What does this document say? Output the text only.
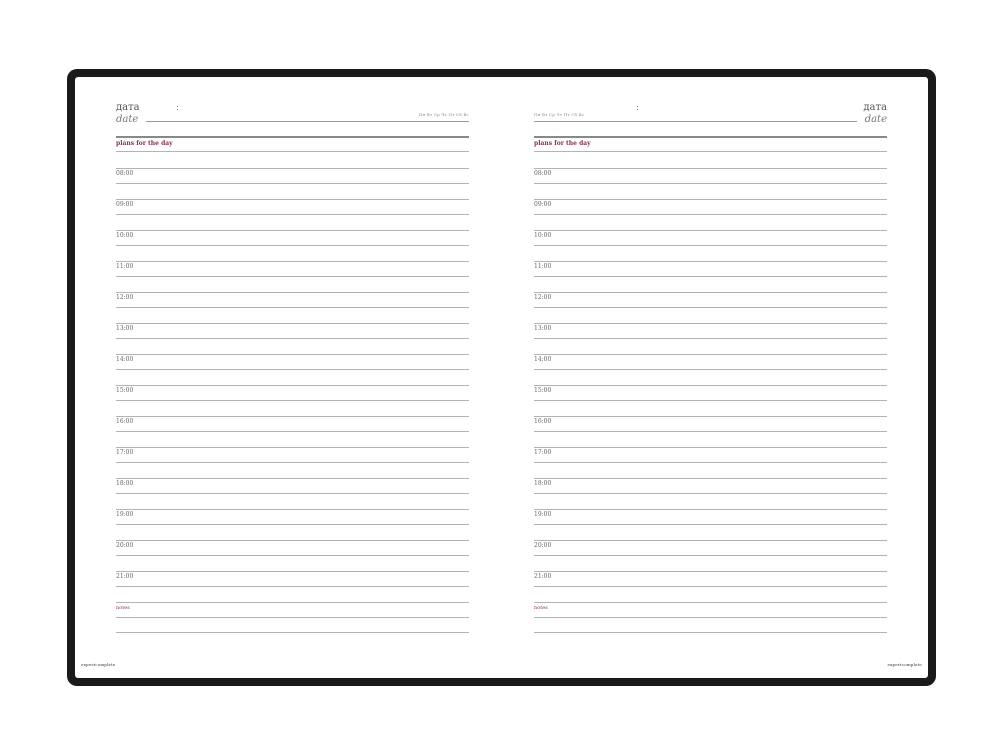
дата
date
:
Пн Вт Ср Чт Пт Сб Вс
plans for the day
08:00
09:00
10:00
11:00
12:00
13:00
14:00
15:00
16:00
17:00
18:00
19:00
20:00
21:00
notes
expertcomplete
Пн Вт Ср Чт Пт Сб Вс
:	дата
date
plans for the day
08:00
09:00
10:00
11:00
12:00
13:00
14:00
15:00
16:00
17:00
18:00
19:00
20:00
21:00
notes
expertcomplete
